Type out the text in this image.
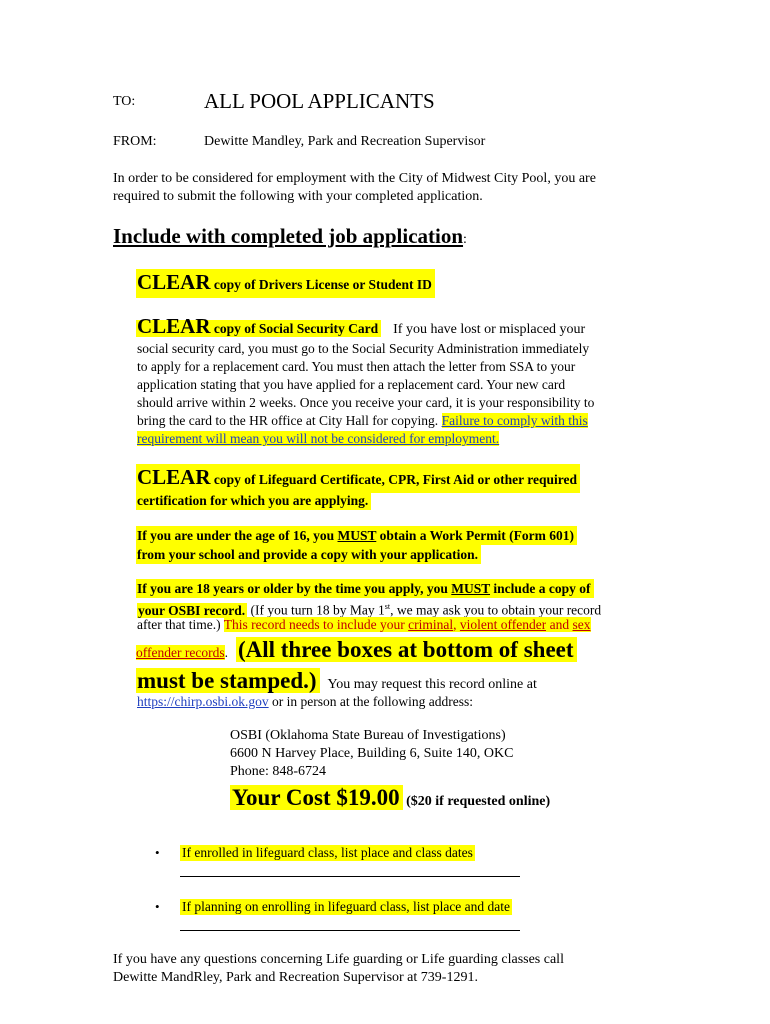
TO:	ALL POOL APPLICANTS
FROM:	Dewitte Mandley, Park and Recreation Supervisor
In order to be considered for employment with the City of Midwest City Pool, you are
required to submit the following with your completed application.
Include with completed job application:
CLEAR copy of Drivers License or Student ID
CLEAR copy of Social Security Card If you have lost or misplaced your
social security card, you must go to the Social Security Administration immediately
to apply for a replacement card. You must then attach the letter from SSA to your
application stating that you have applied for a replacement card. Your new card
should arrive within 2 weeks. Once you receive your card, it is your responsibility to
bring the card to the HR office at City Hall for copying. Failure to comply with this
requirement will mean you will not be considered for employment.
CLEAR copy of Lifeguard Certificate, CPR, First Aid or other required
certification for which you are applying.
If you are under the age of 16, you MUST obtain a Work Permit (Form 601)
from your school and provide a copy with your application.
If you are 18 years or older by the time you apply, you MUST include a copy of
your OSBI record. (If you turn 18 by May 1st, we may ask you to obtain your record
after that time.) This record needs to include your criminal, violent offender and sex
offender records. (All three boxes at bottom of sheet
must be stamped.) You may request this record online at
https://chirp.osbi.ok.gov or in person at the following address:
OSBI (Oklahoma State Bureau of Investigations)
6600 N Harvey Place, Building 6, Suite 140, OKC
Phone: 848-6724
Your Cost $19.00 ($20 if requested online)
• If enrolled in lifeguard class, list place and class dates
• If planning on enrolling in lifeguard class, list place and date
If you have any questions concerning Life guarding or Life guarding classes call
Dewitte MandRley, Park and Recreation Supervisor at 739-1291.
